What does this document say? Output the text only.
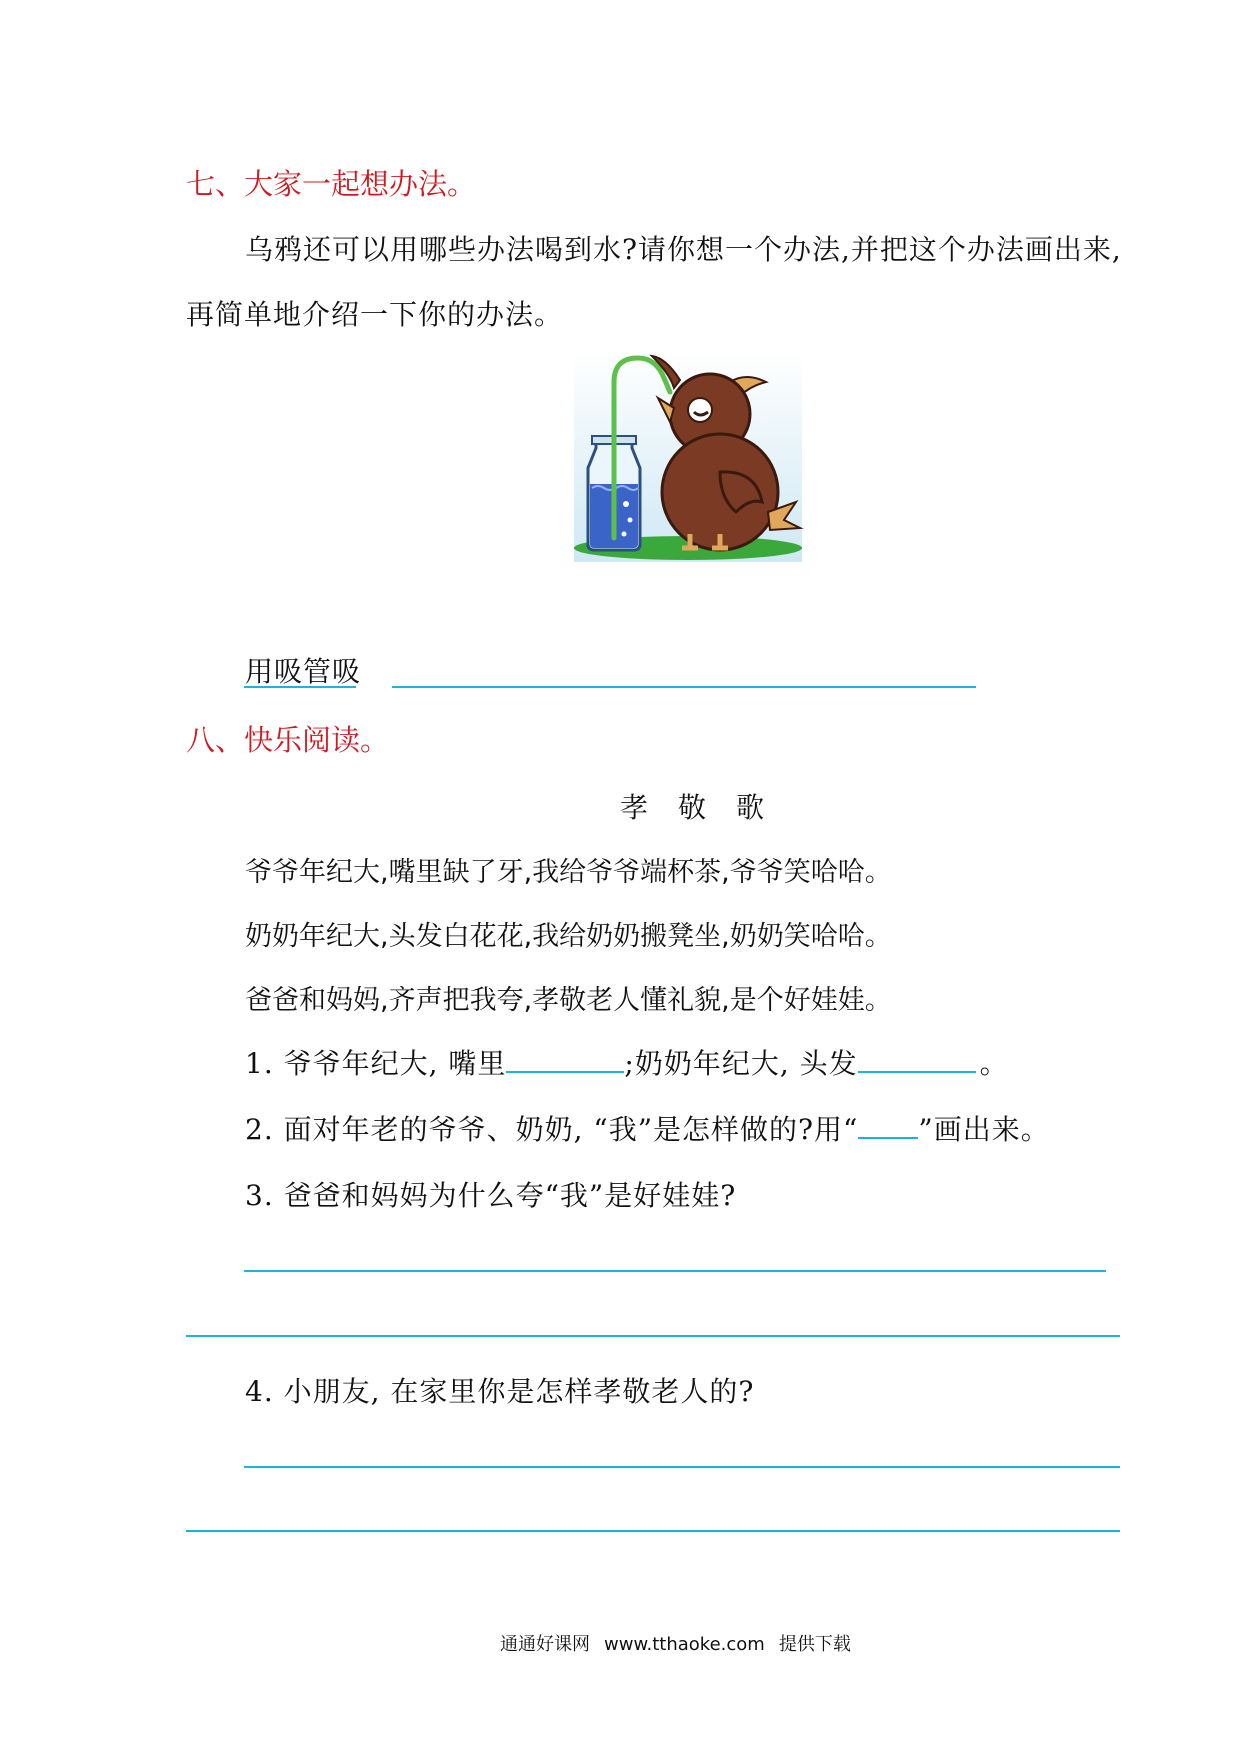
七、大家一起想办法。
乌鸦还可以用哪些办法喝到水?请你想一个办法,并把这个办法画出来,
再简单地介绍一下你的办法。
用吸管吸
八、快乐阅读。
孝　敬　歌
爷爷年纪大,嘴里缺了牙,我给爷爷端杯茶,爷爷笑哈哈。
奶奶年纪大,头发白花花,我给奶奶搬凳坐,奶奶笑哈哈。
爸爸和妈妈,齐声把我夸,孝敬老人懂礼貌,是个好娃娃。
1. 爷爷年纪大, 嘴里	;奶奶年纪大, 头发	。
2. 面对年老的爷爷、奶奶, “我”是怎样做的?用“ ”画出来。
3. 爸爸和妈妈为什么夸“我”是好娃娃?
4. 小朋友, 在家里你是怎样孝敬老人的?
通通好课网 www.tthaoke.com 提供下载
